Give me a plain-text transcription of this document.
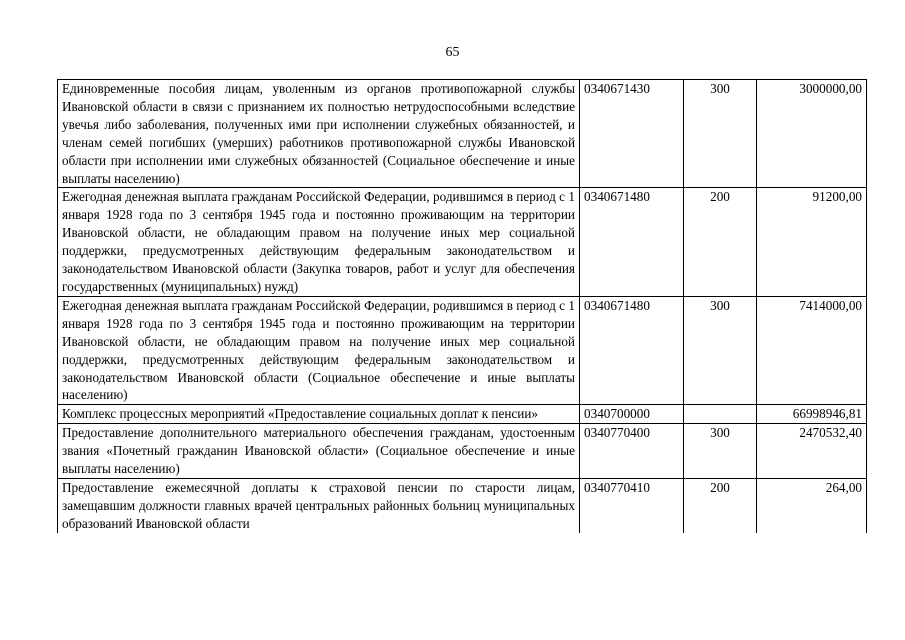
65
Единовременные пособия лицам, уволенным из органов противопожарной службы Ивановской области в связи с признанием их полностью нетрудоспособными вследствие увечья либо заболевания, полученных ими при исполнении служебных обязанностей, и членам семей погибших (умерших) работников противопожарной службы Ивановской области при исполнении ими служебных обязанностей (Социальное обеспечение и иные выплаты населению)	0340671430	300	3000000,00
Ежегодная денежная выплата гражданам Российской Федерации, родившимся в период с 1 января 1928 года по 3 сентября 1945 года и постоянно проживающим на территории Ивановской области, не обладающим правом на получение иных мер социальной поддержки, предусмотренных действующим федеральным законодательством и законодательством Ивановской области (Закупка товаров, работ и услуг для обеспечения государственных (муниципальных) нужд)	0340671480	200	91200,00
Ежегодная денежная выплата гражданам Российской Федерации, родившимся в период с 1 января 1928 года по 3 сентября 1945 года и постоянно проживающим на территории Ивановской области, не обладающим правом на получение иных мер социальной поддержки, предусмотренных действующим федеральным законодательством и законодательством Ивановской области (Социальное обеспечение и иные выплаты населению)	0340671480	300	7414000,00
Комплекс процессных мероприятий «Предоставление социальных доплат к пенсии»	0340700000		66998946,81
Предоставление дополнительного материального обеспечения гражданам, удостоенным звания «Почетный гражданин Ивановской области» (Социальное обеспечение и иные выплаты населению)	0340770400	300	2470532,40
Предоставление ежемесячной доплаты к страховой пенсии по старости лицам, замещавшим должности главных врачей центральных районных больниц муниципальных образований Ивановской области	0340770410	200	264,00
